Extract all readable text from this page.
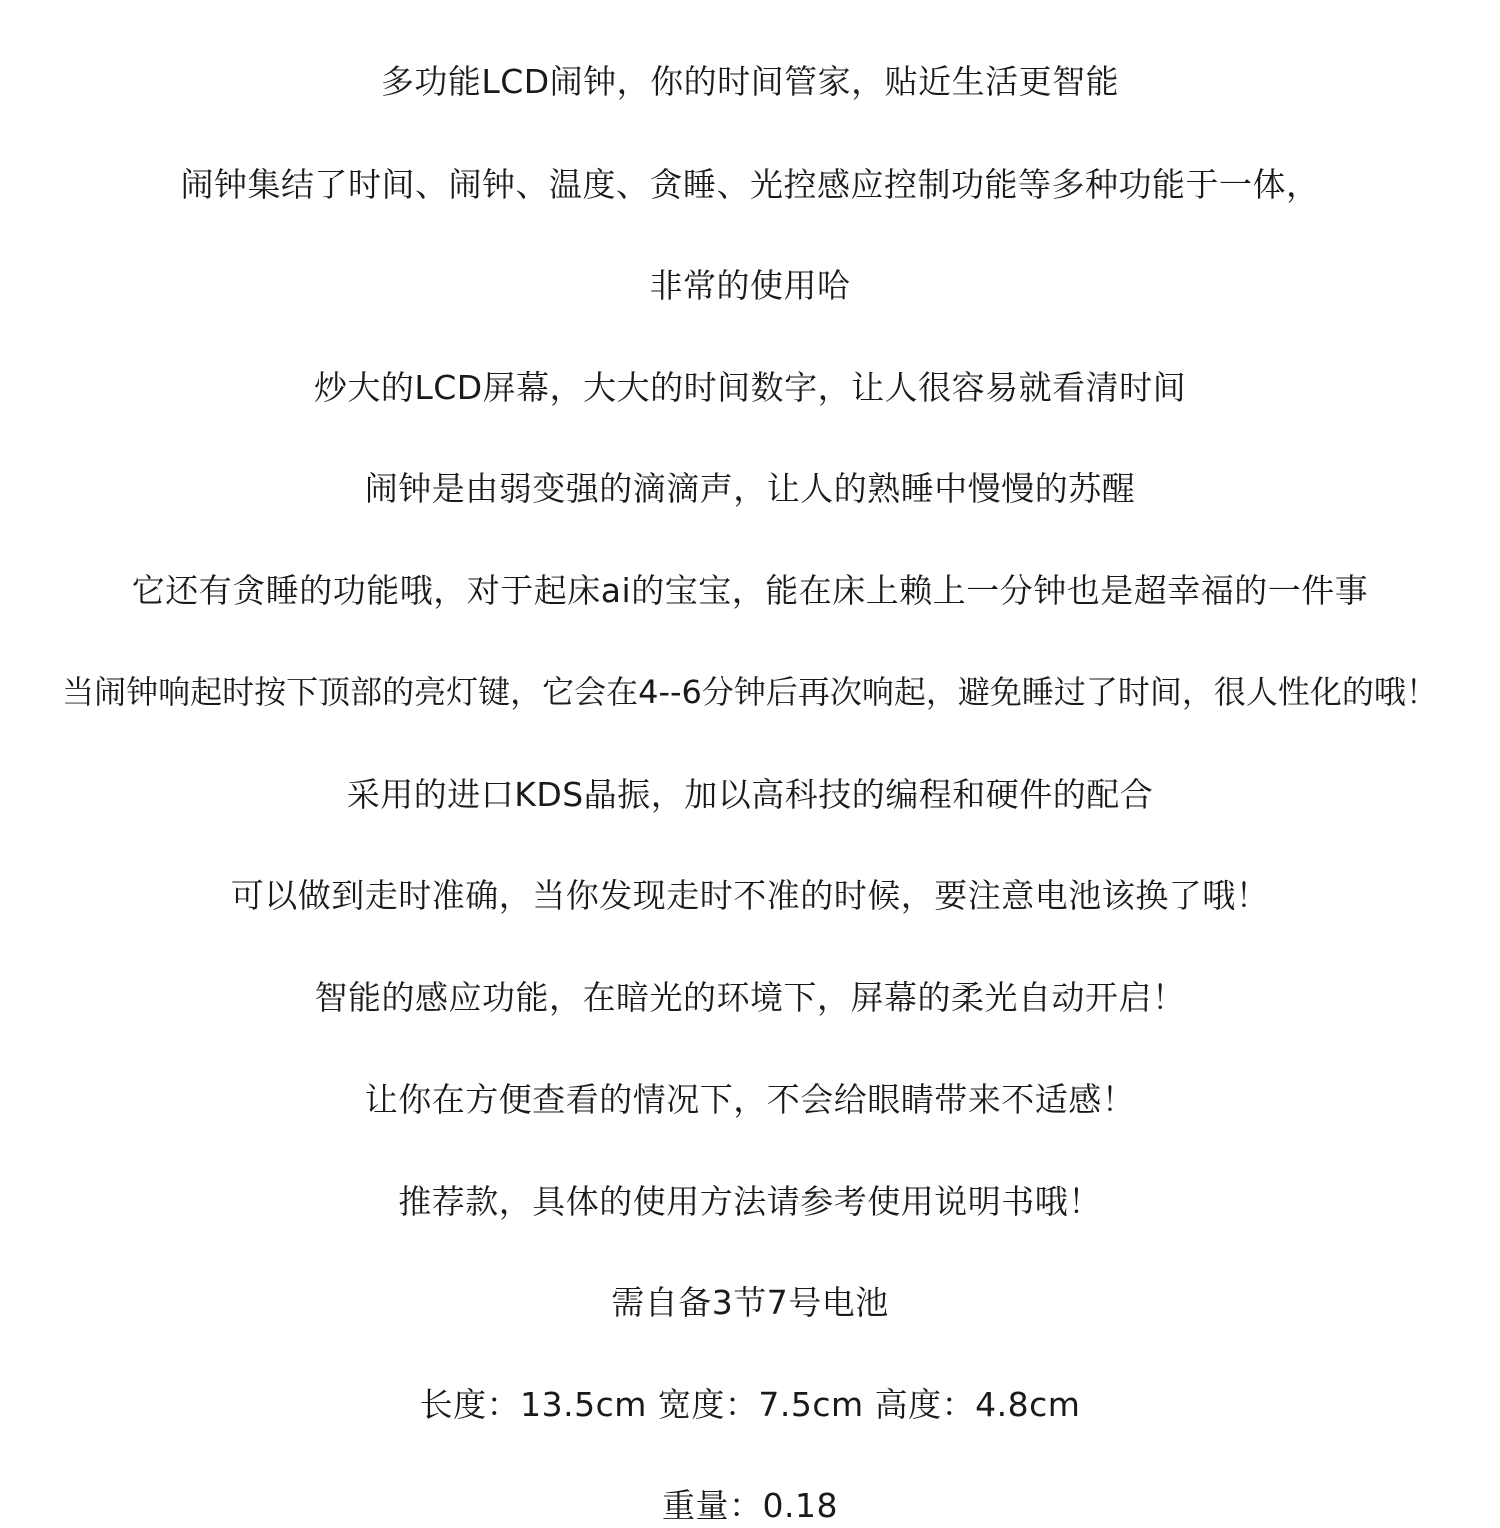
多功能LCD闹钟，你的时间管家，贴近生活更智能

闹钟集结了时间、闹钟、温度、贪睡、光控感应控制功能等多种功能于一体，

非常的使用哈

炒大的LCD屏幕，大大的时间数字，让人很容易就看清时间

闹钟是由弱变强的滴滴声，让人的熟睡中慢慢的苏醒

它还有贪睡的功能哦，对于起床ai的宝宝，能在床上赖上一分钟也是超幸福的一件事

当闹钟响起时按下顶部的亮灯键，它会在4--6分钟后再次响起，避免睡过了时间，很人性化的哦！

采用的进口KDS晶振，加以高科技的编程和硬件的配合

可以做到走时准确，当你发现走时不准的时候，要注意电池该换了哦！

智能的感应功能，在暗光的环境下，屏幕的柔光自动开启！

让你在方便查看的情况下，不会给眼睛带来不适感！

推荐款，具体的使用方法请参考使用说明书哦！

需自备3节7号电池

长度：13.5cm 宽度：7.5cm 高度：4.8cm

重量：0.18
